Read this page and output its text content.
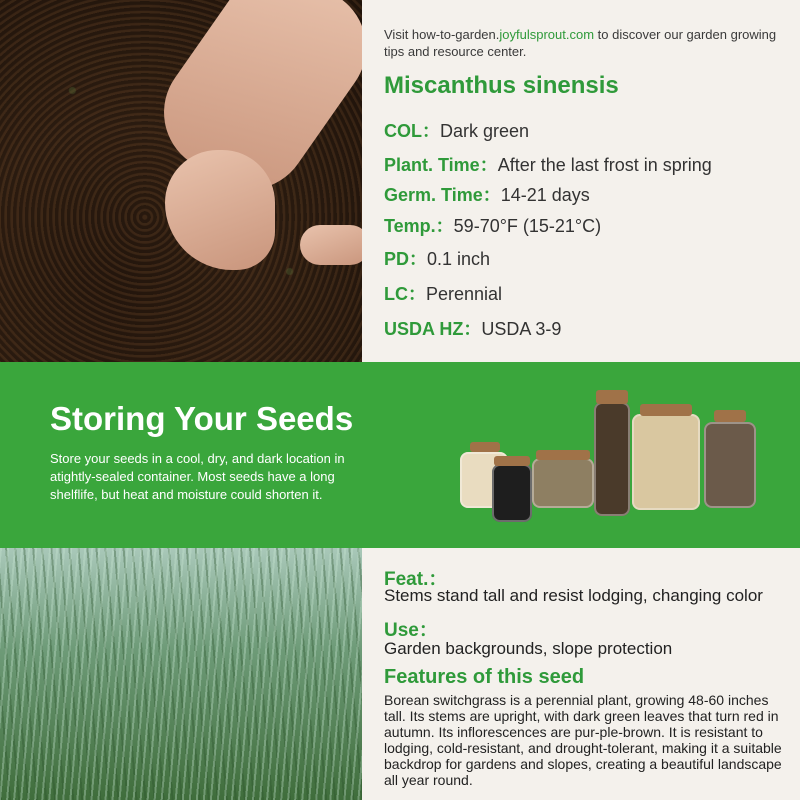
Visit how-to-garden.joyfulsprout.com to discover our garden growing tips and resource center.
Miscanthus sinensis
COL：Dark green
Plant. Time：After the last frost in spring
Germ. Time：14-21 days
Temp.：59-70°F (15-21°C)
PD：0.1 inch
LC：Perennial
USDA HZ：USDA 3-9
Storing Your Seeds
Store your seeds in a cool, dry, and dark location in atightly-sealed container. Most seeds have a long shelflife, but heat and moisture could shorten it.
Feat.：
Stems stand tall and resist lodging, changing color
Use：
Garden backgrounds, slope protection
Features of this seed
Borean switchgrass is a perennial plant, growing 48-60 inches tall. Its stems are upright, with dark green leaves that turn red in autumn. Its inflorescences are pur-ple-brown. It is resistant to lodging, cold-resistant, and drought-tolerant, making it a suitable backdrop for gardens and slopes, creating a beautiful landscape all year round.
